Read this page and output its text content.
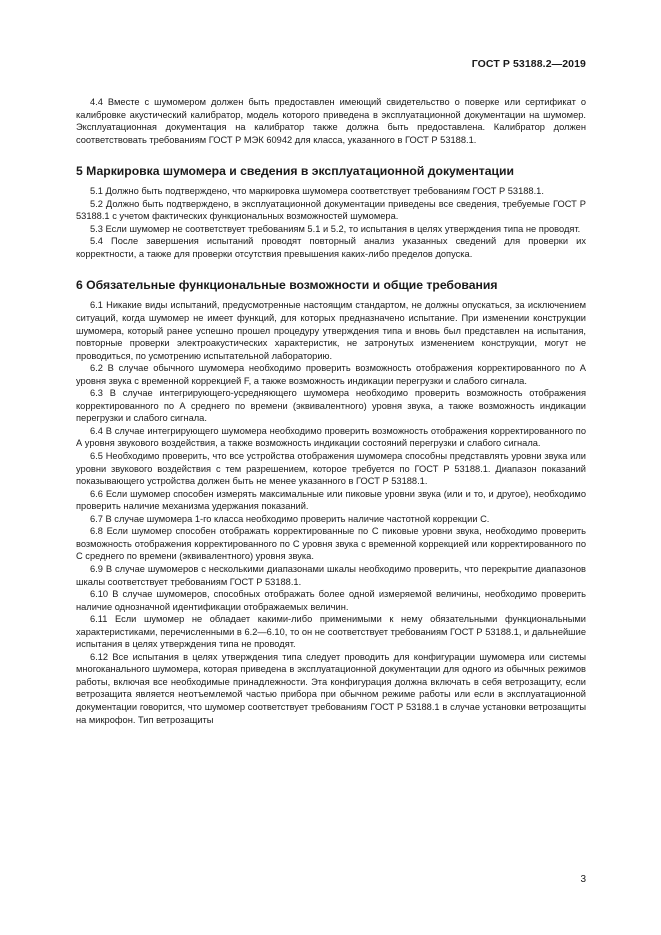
ГОСТ Р 53188.2—2019

4.4 Вместе с шумомером должен быть предоставлен имеющий свидетельство о поверке или сертификат о калибровке акустический калибратор, модель которого приведена в эксплуатационной документации на шумомер. Эксплуатационная документация на калибратор также должна быть предоставлена. Калибратор должен соответствовать требованиям ГОСТ Р МЭК 60942 для класса, указанного в ГОСТ Р 53188.1.

5 Маркировка шумомера и сведения в эксплуатационной документации

5.1 Должно быть подтверждено, что маркировка шумомера соответствует требованиям ГОСТ Р 53188.1.

5.2 Должно быть подтверждено, в эксплуатационной документации приведены все сведения, требуемые ГОСТ Р 53188.1 с учетом фактических функциональных возможностей шумомера.

5.3 Если шумомер не соответствует требованиям 5.1 и 5.2, то испытания в целях утверждения типа не проводят.

5.4 После завершения испытаний проводят повторный анализ указанных сведений для проверки их корректности, а также для проверки отсутствия превышения каких-либо пределов допуска.

6 Обязательные функциональные возможности и общие требования

6.1 Никакие виды испытаний, предусмотренные настоящим стандартом, не должны опускаться, за исключением ситуаций, когда шумомер не имеет функций, для которых предназначено испытание. При изменении конструкции шумомера, который ранее успешно прошел процедуру утверждения типа и вновь был представлен на испытания, повторные проверки электроакустических характеристик, не затронутых изменением конструкции, могут не проводиться, по усмотрению испытательной лабораторию.

6.2 В случае обычного шумомера необходимо проверить возможность отображения корректированного по А уровня звука с временной коррекцией F, а также возможность индикации перегрузки и слабого сигнала.

6.3 В случае интегрирующего-усредняющего шумомера необходимо проверить возможность отображения корректированного по А среднего по времени (эквивалентного) уровня звука, а также возможность индикации перегрузки и слабого сигнала.

6.4 В случае интегрирующего шумомера необходимо проверить возможность отображения корректированного по А уровня звукового воздействия, а также возможность индикации состояний перегрузки и слабого сигнала.

6.5 Необходимо проверить, что все устройства отображения шумомера способны представлять уровни звука или уровни звукового воздействия с тем разрешением, которое требуется по ГОСТ Р 53188.1. Диапазон показаний показывающего устройства должен быть не менее указанного в ГОСТ Р 53188.1.

6.6 Если шумомер способен измерять максимальные или пиковые уровни звука (или и то, и другое), необходимо проверить наличие механизма удержания показаний.

6.7 В случае шумомера 1-го класса необходимо проверить наличие частотной коррекции С.

6.8 Если шумомер способен отображать корректированные по С пиковые уровни звука, необходимо проверить возможность отображения корректированного по С уровня звука с временной коррекцией или корректированного по С среднего по времени (эквивалентного) уровня звука.

6.9 В случае шумомеров с несколькими диапазонами шкалы необходимо проверить, что перекрытие диапазонов шкалы соответствует требованиям ГОСТ Р 53188.1.

6.10 В случае шумомеров, способных отображать более одной измеряемой величины, необходимо проверить наличие однозначной идентификации отображаемых величин.

6.11 Если шумомер не обладает какими-либо применимыми к нему обязательными функциональными характеристиками, перечисленными в 6.2—6.10, то он не соответствует требованиям ГОСТ Р 53188.1, и дальнейшие испытания в целях утверждения типа не проводят.

6.12 Все испытания в целях утверждения типа следует проводить для конфигурации шумомера или системы многоканального шумомера, которая приведена в эксплуатационной документации для одного из обычных режимов работы, включая все необходимые принадлежности. Эта конфигурация должна включать в себя ветрозащиту, если ветрозащита является неотъемлемой частью прибора при обычном режиме работы или если в эксплуатационной документации говорится, что шумомер соответствует требованиям ГОСТ Р 53188.1 в случае установки ветрозащиты на микрофон. Тип ветрозащиты

3
